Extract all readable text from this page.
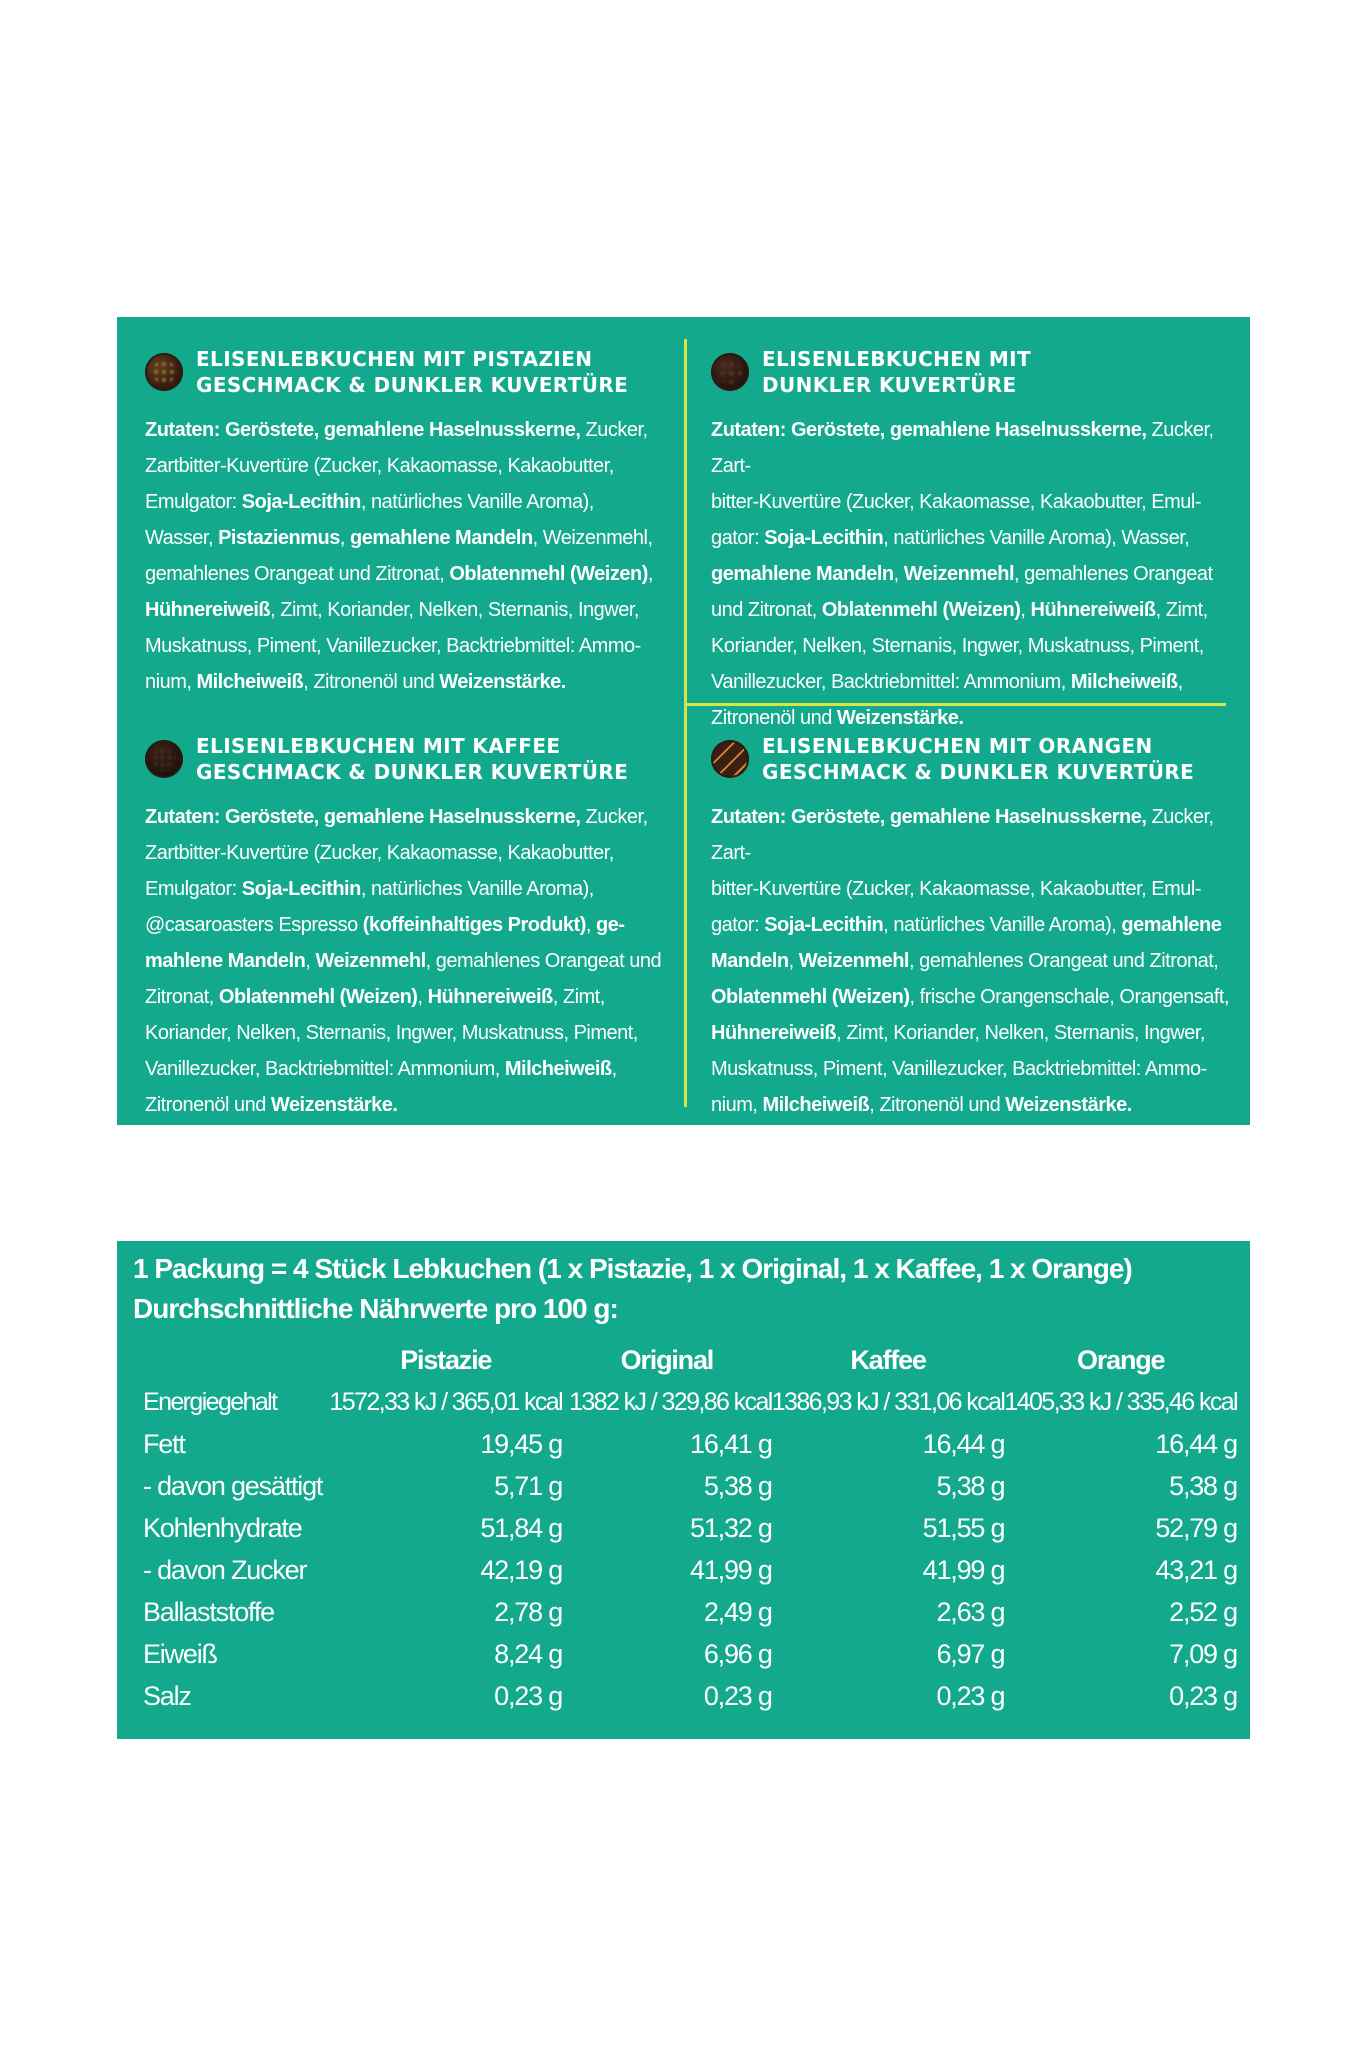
ELISENLEBKUCHEN MIT PISTAZIEN
GESCHMACK & DUNKLER KUVERTÜRE
Zutaten: Geröstete, gemahlene Haselnusskerne, Zucker,
Zartbitter-Kuvertüre (Zucker, Kakaomasse, Kakaobutter,
Emulgator: Soja-Lecithin, natürliches Vanille Aroma),
Wasser, Pistazienmus, gemahlene Mandeln, Weizenmehl,
gemahlenes Orangeat und Zitronat, Oblatenmehl (Weizen),
Hühnereiweiß, Zimt, Koriander, Nelken, Sternanis, Ingwer,
Muskatnuss, Piment, Vanillezucker, Backtriebmittel: Ammo-
nium, Milcheiweiß, Zitronenöl und Weizenstärke.
ELISENLEBKUCHEN MIT
DUNKLER KUVERTÜRE
Zutaten: Geröstete, gemahlene Haselnusskerne, Zucker, Zart-
bitter-Kuvertüre (Zucker, Kakaomasse, Kakaobutter, Emul-
gator: Soja-Lecithin, natürliches Vanille Aroma), Wasser,
gemahlene Mandeln, Weizenmehl, gemahlenes Orangeat
und Zitronat, Oblatenmehl (Weizen), Hühnereiweiß, Zimt,
Koriander, Nelken, Sternanis, Ingwer, Muskatnuss, Piment,
Vanillezucker, Backtriebmittel: Ammonium, Milcheiweiß,
Zitronenöl und Weizenstärke.
ELISENLEBKUCHEN MIT KAFFEE
GESCHMACK & DUNKLER KUVERTÜRE
Zutaten: Geröstete, gemahlene Haselnusskerne, Zucker,
Zartbitter-Kuvertüre (Zucker, Kakaomasse, Kakaobutter,
Emulgator: Soja-Lecithin, natürliches Vanille Aroma),
@casaroasters Espresso (koffeinhaltiges Produkt), ge-
mahlene Mandeln, Weizenmehl, gemahlenes Orangeat und
Zitronat, Oblatenmehl (Weizen), Hühnereiweiß, Zimt,
Koriander, Nelken, Sternanis, Ingwer, Muskatnuss, Piment,
Vanillezucker, Backtriebmittel: Ammonium, Milcheiweiß,
Zitronenöl und Weizenstärke.
ELISENLEBKUCHEN MIT ORANGEN
GESCHMACK & DUNKLER KUVERTÜRE
Zutaten: Geröstete, gemahlene Haselnusskerne, Zucker, Zart-
bitter-Kuvertüre (Zucker, Kakaomasse, Kakaobutter, Emul-
gator: Soja-Lecithin, natürliches Vanille Aroma), gemahlene
Mandeln, Weizenmehl, gemahlenes Orangeat und Zitronat,
Oblatenmehl (Weizen), frische Orangenschale, Orangensaft,
Hühnereiweiß, Zimt, Koriander, Nelken, Sternanis, Ingwer,
Muskatnuss, Piment, Vanillezucker, Backtriebmittel: Ammo-
nium, Milcheiweiß, Zitronenöl und Weizenstärke.
1 Packung = 4 Stück Lebkuchen (1 x Pistazie, 1 x Original, 1 x Kaffee, 1 x Orange)
Durchschnittliche Nährwerte pro 100 g:
	Pistazie	Original	Kaffee	Orange
Energiegehalt	1572,33 kJ / 365,01 kcal	1382 kJ / 329,86 kcal	1386,93 kJ / 331,06 kcal	1405,33 kJ / 335,46 kcal
Fett	19,45 g	16,41 g	16,44 g	16,44 g
- davon gesättigt	5,71 g	5,38 g	5,38 g	5,38 g
Kohlenhydrate	51,84 g	51,32 g	51,55 g	52,79 g
- davon Zucker	42,19 g	41,99 g	41,99 g	43,21 g
Ballaststoffe	2,78 g	2,49 g	2,63 g	2,52 g
Eiweiß	8,24 g	6,96 g	6,97 g	7,09 g
Salz	0,23 g	0,23 g	0,23 g	0,23 g
